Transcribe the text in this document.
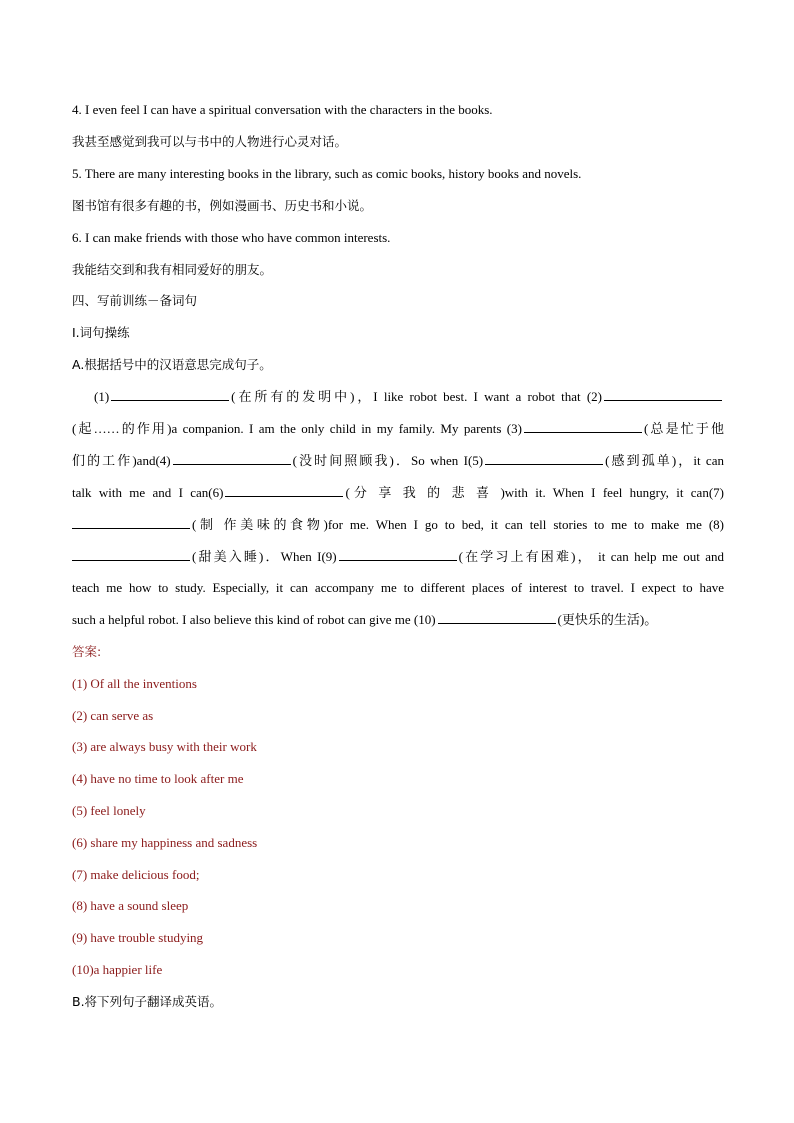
4. I even feel I can have a spiritual conversation with the characters in the books.
我甚至感觉到我可以与书中的人物进行心灵对话。
5. There are many interesting books in the library, such as comic books, history books and novels.
图书馆有很多有趣的书，例如漫画书、历史书和小说。
6. I can make friends with those who have common interests.
我能结交到和我有相同爱好的朋友。
四、写前训练－备词句
I.词句操练
A.根据括号中的汉语意思完成句子。
(1)	(在所有的发明中)，I like robot best. I want a robot that (2)
(起……的作用)a companion. I am the only child in my family. My parents (3)	(总是忙于他
们的工作)and(4)	(没时间照顾我)．So when I(5)	(感到孤单)，it can
talk with me and I can(6)	(分 享 我 的 悲 喜 )with it. When I feel hungry, it can(7)
(制 作美味的食物)for me. When I go to bed, it can tell stories to me to make me (8)
(甜美入睡)．When I(9)	(在学习上有困难)， it can help me out and
teach me how to study. Especially, it can accompany me to different places of interest to travel. I expect to have
such a helpful robot. I also believe this kind of robot can give me (10)	(更快乐的生活)。
答案:
(1) Of all the inventions
(2) can serve as
(3) are always busy with their work
(4) have no time to look after me
(5) feel lonely
(6) share my happiness and sadness
(7) make delicious food;
(8) have a sound sleep
(9) have trouble studying
(10)a happier life
B.将下列句子翻译成英语。
